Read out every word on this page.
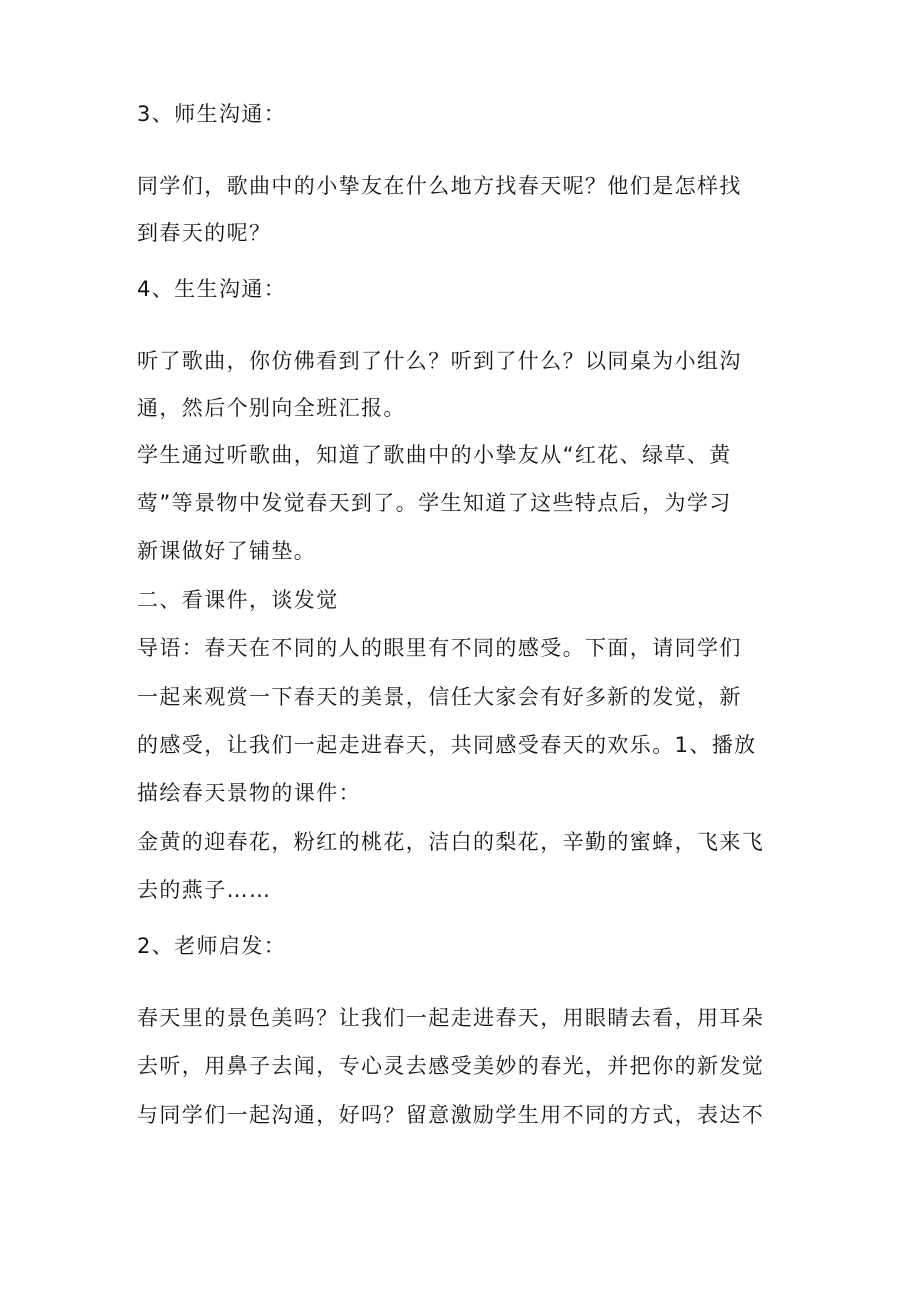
3、师生沟通：

同学们，歌曲中的小挚友在什么地方找春天呢？他们是怎样找

到春天的呢？

4、生生沟通：

听了歌曲，你仿佛看到了什么？听到了什么？以同桌为小组沟

通，然后个别向全班汇报。

学生通过听歌曲，知道了歌曲中的小挚友从“红花、绿草、黄

莺”等景物中发觉春天到了。学生知道了这些特点后，为学习

新课做好了铺垫。

二、看课件，谈发觉

导语：春天在不同的人的眼里有不同的感受。下面，请同学们

一起来观赏一下春天的美景，信任大家会有好多新的发觉，新

的感受，让我们一起走进春天，共同感受春天的欢乐。1、播放

描绘春天景物的课件：

金黄的迎春花，粉红的桃花，洁白的梨花，辛勤的蜜蜂，飞来飞

去的燕子……

2、老师启发：

春天里的景色美吗？让我们一起走进春天，用眼睛去看，用耳朵

去听，用鼻子去闻，专心灵去感受美妙的春光，并把你的新发觉

与同学们一起沟通，好吗？留意激励学生用不同的方式，表达不
